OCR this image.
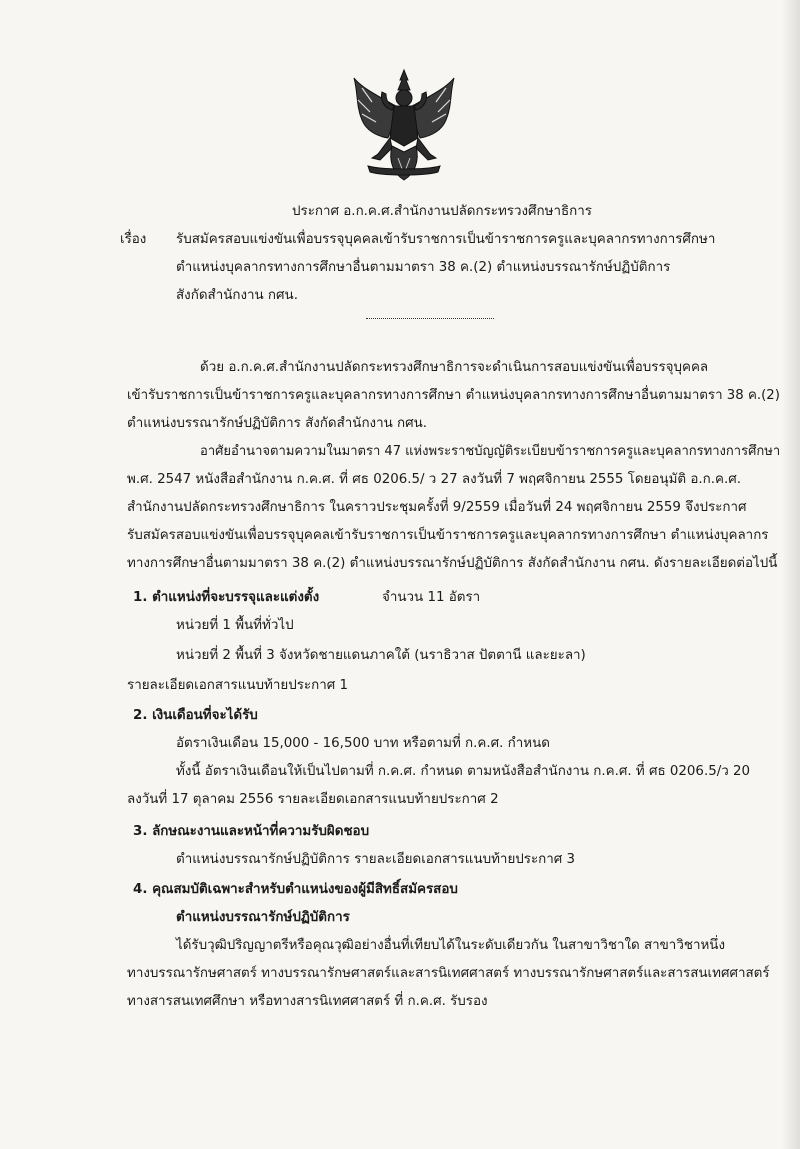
ประกาศ อ.ก.ค.ศ.สำนักงานปลัดกระทรวงศึกษาธิการ
เรื่อง รับสมัครสอบแข่งขันเพื่อบรรจุบุคคลเข้ารับราชการเป็นข้าราชการครูและบุคลากรทางการศึกษา
ตำแหน่งบุคลากรทางการศึกษาอื่นตามมาตรา 38 ค.(2) ตำแหน่งบรรณารักษ์ปฏิบัติการ
สังกัดสำนักงาน กศน.
ด้วย อ.ก.ค.ศ.สำนักงานปลัดกระทรวงศึกษาธิการจะดำเนินการสอบแข่งขันเพื่อบรรจุบุคคล
เข้ารับราชการเป็นข้าราชการครูและบุคลากรทางการศึกษา ตำแหน่งบุคลากรทางการศึกษาอื่นตามมาตรา 38 ค.(2)
ตำแหน่งบรรณารักษ์ปฏิบัติการ สังกัดสำนักงาน กศน.
อาศัยอำนาจตามความในมาตรา 47 แห่งพระราชบัญญัติระเบียบข้าราชการครูและบุคลากรทางการศึกษา
พ.ศ. 2547 หนังสือสำนักงาน ก.ค.ศ. ที่ ศธ 0206.5/ ว 27 ลงวันที่ 7 พฤศจิกายน 2555 โดยอนุมัติ อ.ก.ค.ศ.
สำนักงานปลัดกระทรวงศึกษาธิการ ในคราวประชุมครั้งที่ 9/2559 เมื่อวันที่ 24 พฤศจิกายน 2559 จึงประกาศ
รับสมัครสอบแข่งขันเพื่อบรรจุบุคคลเข้ารับราชการเป็นข้าราชการครูและบุคลากรทางการศึกษา ตำแหน่งบุคลากร
ทางการศึกษาอื่นตามมาตรา 38 ค.(2) ตำแหน่งบรรณารักษ์ปฏิบัติการ สังกัดสำนักงาน กศน. ดังรายละเอียดต่อไปนี้
1. ตำแหน่งที่จะบรรจุและแต่งตั้ง	จำนวน 11 อัตรา
หน่วยที่ 1 พื้นที่ทั่วไป
หน่วยที่ 2 พื้นที่ 3 จังหวัดชายแดนภาคใต้ (นราธิวาส ปัตตานี และยะลา)
รายละเอียดเอกสารแนบท้ายประกาศ 1
2. เงินเดือนที่จะได้รับ
อัตราเงินเดือน 15,000 - 16,500 บาท หรือตามที่ ก.ค.ศ. กำหนด
ทั้งนี้ อัตราเงินเดือนให้เป็นไปตามที่ ก.ค.ศ. กำหนด ตามหนังสือสำนักงาน ก.ค.ศ. ที่ ศธ 0206.5/ว 20
ลงวันที่ 17 ตุลาคม 2556 รายละเอียดเอกสารแนบท้ายประกาศ 2
3. ลักษณะงานและหน้าที่ความรับผิดชอบ
ตำแหน่งบรรณารักษ์ปฏิบัติการ รายละเอียดเอกสารแนบท้ายประกาศ 3
4. คุณสมบัติเฉพาะสำหรับตำแหน่งของผู้มีสิทธิ์สมัครสอบ
ตำแหน่งบรรณารักษ์ปฏิบัติการ
ได้รับวุฒิปริญญาตรีหรือคุณวุฒิอย่างอื่นที่เทียบได้ในระดับเดียวกัน ในสาขาวิชาใด สาขาวิชาหนึ่ง
ทางบรรณารักษศาสตร์ ทางบรรณารักษศาสตร์และสารนิเทศศาสตร์ ทางบรรณารักษศาสตร์และสารสนเทศศาสตร์
ทางสารสนเทศศึกษา หรือทางสารนิเทศศาสตร์ ที่ ก.ค.ศ. รับรอง
